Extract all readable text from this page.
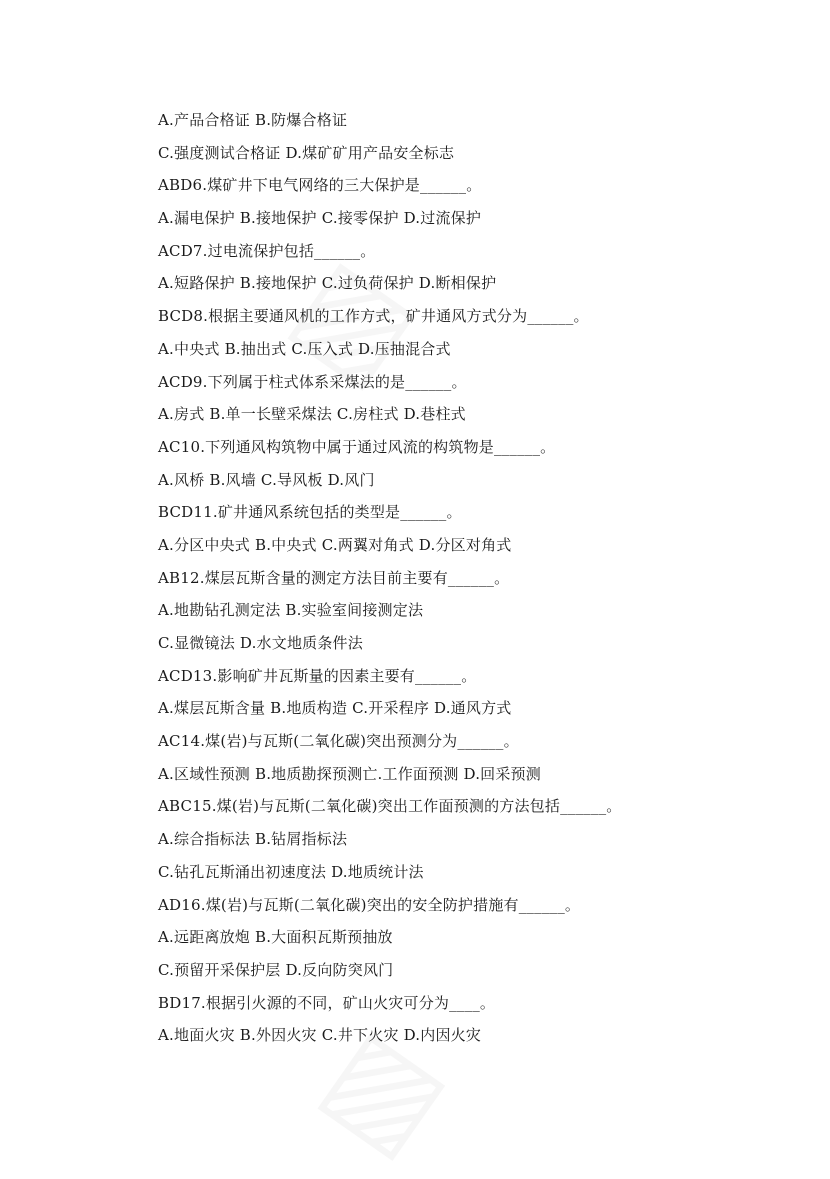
A.产品合格证 B.防爆合格证
C.强度测试合格证 D.煤矿矿用产品安全标志
ABD6.煤矿井下电气网络的三大保护是______。
A.漏电保护 B.接地保护 C.接零保护 D.过流保护
ACD7.过电流保护包括______。
A.短路保护 B.接地保护 C.过负荷保护 D.断相保护
BCD8.根据主要通风机的工作方式，矿井通风方式分为______。
A.中央式 B.抽出式 C.压入式 D.压抽混合式
ACD9.下列属于柱式体系采煤法的是______。
A.房式 B.单一长壁采煤法 C.房柱式 D.巷柱式
AC10.下列通风构筑物中属于通过风流的构筑物是______。
A.风桥 B.风墙 C.导风板 D.风门
BCD11.矿井通风系统包括的类型是______。
A.分区中央式 B.中央式 C.两翼对角式 D.分区对角式
AB12.煤层瓦斯含量的测定方法目前主要有______。
A.地勘钻孔测定法 B.实验室间接测定法
C.显微镜法 D.水文地质条件法
ACD13.影响矿井瓦斯量的因素主要有______。
A.煤层瓦斯含量 B.地质构造 C.开采程序 D.通风方式
AC14.煤(岩)与瓦斯(二氧化碳)突出预测分为______。
A.区域性预测 B.地质勘探预测亡.工作面预测 D.回采预测
ABC15.煤(岩)与瓦斯(二氧化碳)突出工作面预测的方法包括______。
A.综合指标法 B.钻屑指标法
C.钻孔瓦斯涌出初速度法 D.地质统计法
AD16.煤(岩)与瓦斯(二氧化碳)突出的安全防护措施有______。
A.远距离放炮 B.大面积瓦斯预抽放
C.预留开采保护层 D.反向防突风门
BD17.根据引火源的不同，矿山火灾可分为____。
A.地面火灾 B.外因火灾 C.井下火灾 D.内因火灾
